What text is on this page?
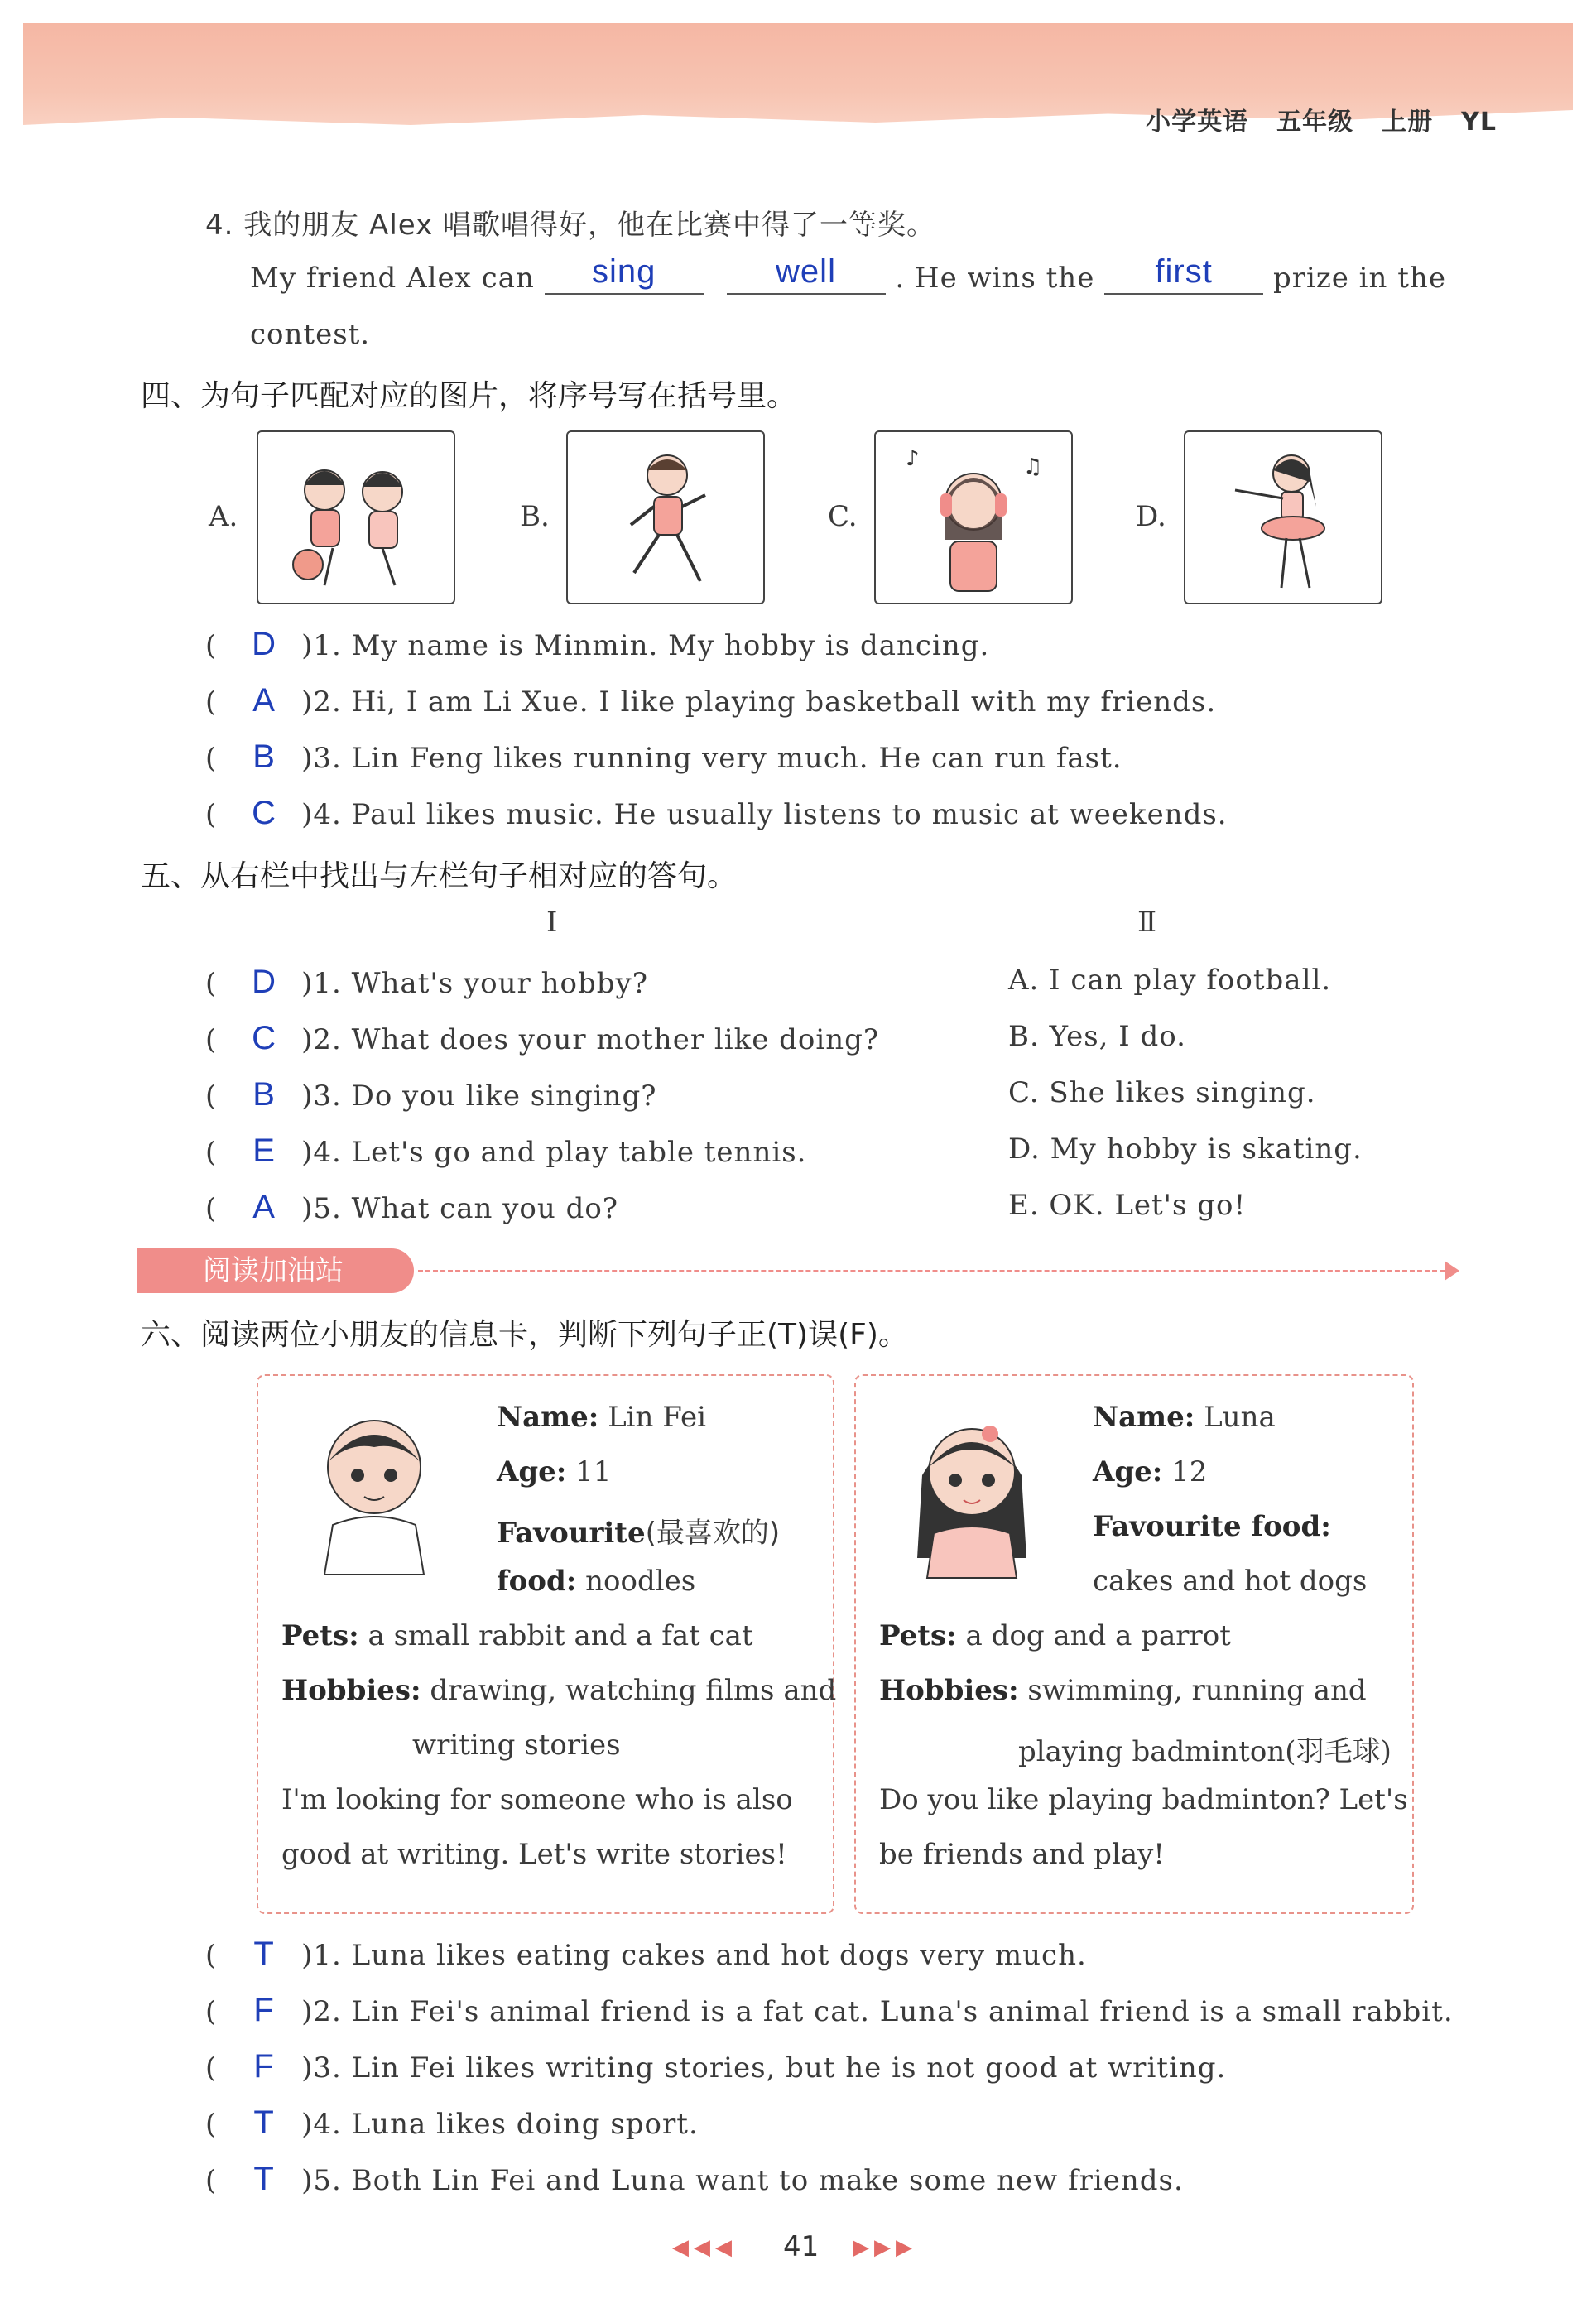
小学英语 五年级 上册 YL
4. 我的朋友 Alex 唱歌唱得好，他在比赛中得了一等奖。
My friend Alex can sing	well . He wins the first prize in the
contest.
四、为句子匹配对应的图片，将序号写在括号里。
A.	B.	C.
♪	♫
D.
( D )1. My name is Minmin. My hobby is dancing.
( A )2. Hi, I am Li Xue. I like playing basketball with my friends.
( B )3. Lin Feng likes running very much. He can run fast.
( C )4. Paul likes music. He usually listens to music at weekends.
五、从右栏中找出与左栏句子相对应的答句。
Ⅰ	Ⅱ
( D )1. What's your hobby?	A. I can play football.
( C )2. What does your mother like doing?	B. Yes, I do.
( B )3. Do you like singing?	C. She likes singing.
( E )4. Let's go and play table tennis.	D. My hobby is skating.
( A )5. What can you do?	E. OK. Let's go!
阅读加油站
六、阅读两位小朋友的信息卡，判断下列句子正(T)误(F)。
Name: Lin Fei
Age: 11
Favourite(最喜欢的)
food: noodles
Pets: a small rabbit and a fat cat
Hobbies: drawing, watching films and
writing stories
I'm looking for someone who is also
good at writing. Let's write stories!
Name: Luna
Age: 12
Favourite food:
cakes and hot dogs
Pets: a dog and a parrot
Hobbies: swimming, running and
playing badminton(羽毛球)
Do you like playing badminton? Let's
be friends and play!
( T )1. Luna likes eating cakes and hot dogs very much.
( F )2. Lin Fei's animal friend is a fat cat. Luna's animal friend is a small rabbit.
( F )3. Lin Fei likes writing stories, but he is not good at writing.
( T )4. Luna likes doing sport.
( T )5. Both Lin Fei and Luna want to make some new friends.
◀◀◀ 41 ▶▶▶
